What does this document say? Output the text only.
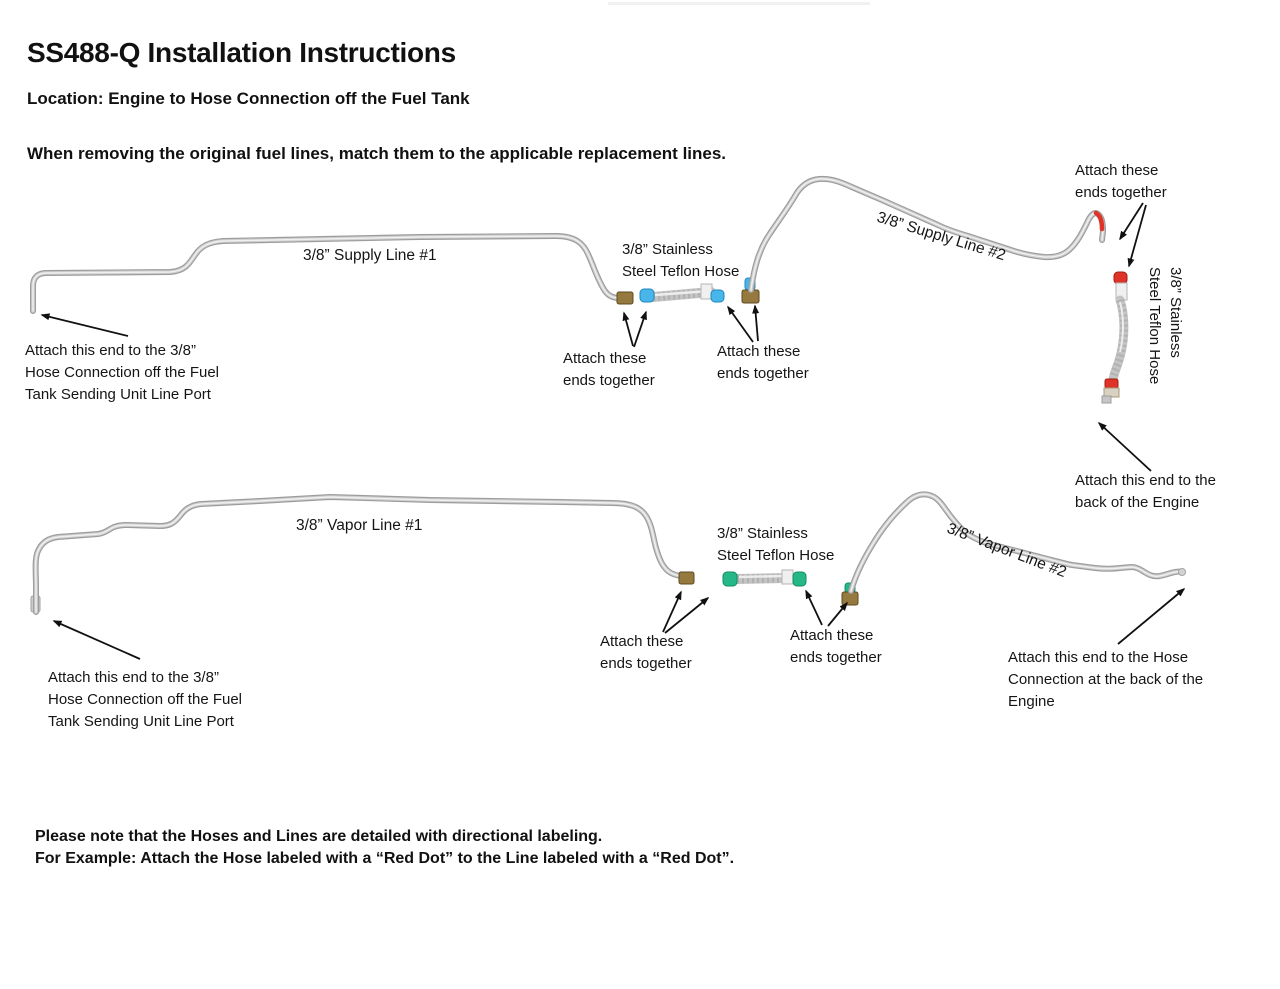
SS488-Q Installation Instructions
Location: Engine to Hose Connection off the Fuel Tank
When removing the original fuel lines, match them to the applicable replacement lines.
3/8” Supply Line #1	3/8” Stainless
Steel Teflon Hose
3/8” Supply Line #2
Attach this end to the 3/8”
Hose Connection off the Fuel
Tank Sending Unit Line Port
Attach these
ends together
Attach these
ends together
Attach these
ends together
3/8” Stainless
Steel Teflon Hose
Attach this end to the
back of the Engine
3/8” Vapor Line #1	3/8” Stainless
Steel Teflon Hose	3/8” Vapor Line #2
Attach this end to the 3/8”
Hose Connection off the Fuel
Tank Sending Unit Line Port
Attach these
ends together
Attach these
ends together	Attach this end to the Hose
Connection at the back of the
Engine
Please note that the Hoses and Lines are detailed with directional labeling.
For Example: Attach the Hose labeled with a “Red Dot” to the Line labeled with a “Red Dot”.
